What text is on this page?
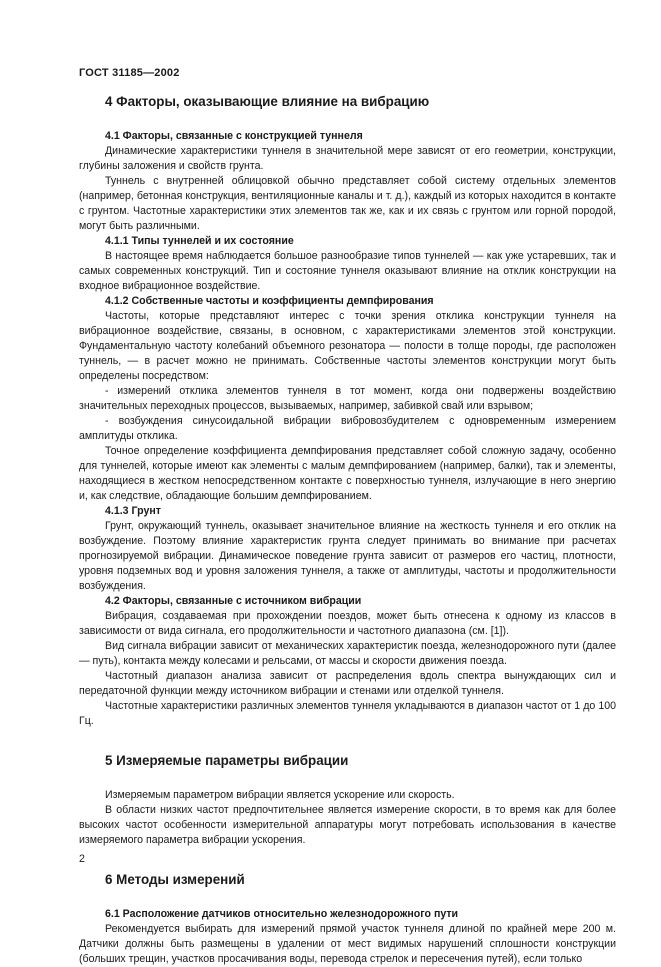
ГОСТ 31185—2002
4 Факторы, оказывающие влияние на вибрацию
4.1 Факторы, связанные с конструкцией туннеля

Динамические характеристики туннеля в значительной мере зависят от его геометрии, конструкции, глубины заложения и свойств грунта.

Туннель с внутренней облицовкой обычно представляет собой систему отдельных элементов (например, бетонная конструкция, вентиляционные каналы и т. д.), каждый из которых находится в контакте с грунтом. Частотные характеристики этих элементов так же, как и их связь с грунтом или горной породой, могут быть различными.

4.1.1 Типы туннелей и их состояние

В настоящее время наблюдается большое разнообразие типов туннелей — как уже устаревших, так и самых современных конструкций. Тип и состояние туннеля оказывают влияние на отклик конструкции на входное вибрационное воздействие.

4.1.2 Собственные частоты и коэффициенты демпфирования

Частоты, которые представляют интерес с точки зрения отклика конструкции туннеля на вибрационное воздействие, связаны, в основном, с характеристиками элементов этой конструкции. Фундаментальную частоту колебаний объемного резонатора — полости в толще породы, где расположен туннель, — в расчет можно не принимать. Собственные частоты элементов конструкции могут быть определены посредством:

- измерений отклика элементов туннеля в тот момент, когда они подвержены воздействию значительных переходных процессов, вызываемых, например, забивкой свай или взрывом;

- возбуждения синусоидальной вибрации вибровозбудителем с одновременным измерением амплитуды отклика.

Точное определение коэффициента демпфирования представляет собой сложную задачу, особенно для туннелей, которые имеют как элементы с малым демпфированием (например, балки), так и элементы, находящиеся в жестком непосредственном контакте с поверхностью туннеля, излучающие в него энергию и, как следствие, обладающие большим демпфированием.

4.1.3 Грунт

Грунт, окружающий туннель, оказывает значительное влияние на жесткость туннеля и его отклик на возбуждение. Поэтому влияние характеристик грунта следует принимать во внимание при расчетах прогнозируемой вибрации. Динамическое поведение грунта зависит от размеров его частиц, плотности, уровня подземных вод и уровня заложения туннеля, а также от амплитуды, частоты и продолжительности возбуждения.

4.2 Факторы, связанные с источником вибрации

Вибрация, создаваемая при прохождении поездов, может быть отнесена к одному из классов в зависимости от вида сигнала, его продолжительности и частотного диапазона (см. [1]).

Вид сигнала вибрации зависит от механических характеристик поезда, железнодорожного пути (далее — путь), контакта между колесами и рельсами, от массы и скорости движения поезда.

Частотный диапазон анализа зависит от распределения вдоль спектра вынуждающих сил и передаточной функции между источником вибрации и стенами или отделкой туннеля.

Частотные характеристики различных элементов туннеля укладываются в диапазон частот от 1 до 100 Гц.

5 Измеряемые параметры вибрации

Измеряемым параметром вибрации является ускорение или скорость.

В области низких частот предпочтительнее является измерение скорости, в то время как для более высоких частот особенности измерительной аппаратуры могут потребовать использования в качестве измеряемого параметра вибрации ускорения.

6 Методы измерений
6.1 Расположение датчиков относительно железнодорожного пути

Рекомендуется выбирать для измерений прямой участок туннеля длиной по крайней мере 200 м. Датчики должны быть размещены в удалении от мест видимых нарушений сплошности конструкции (больших трещин, участков просачивания воды, перевода стрелок и пересечения путей), если только

2
